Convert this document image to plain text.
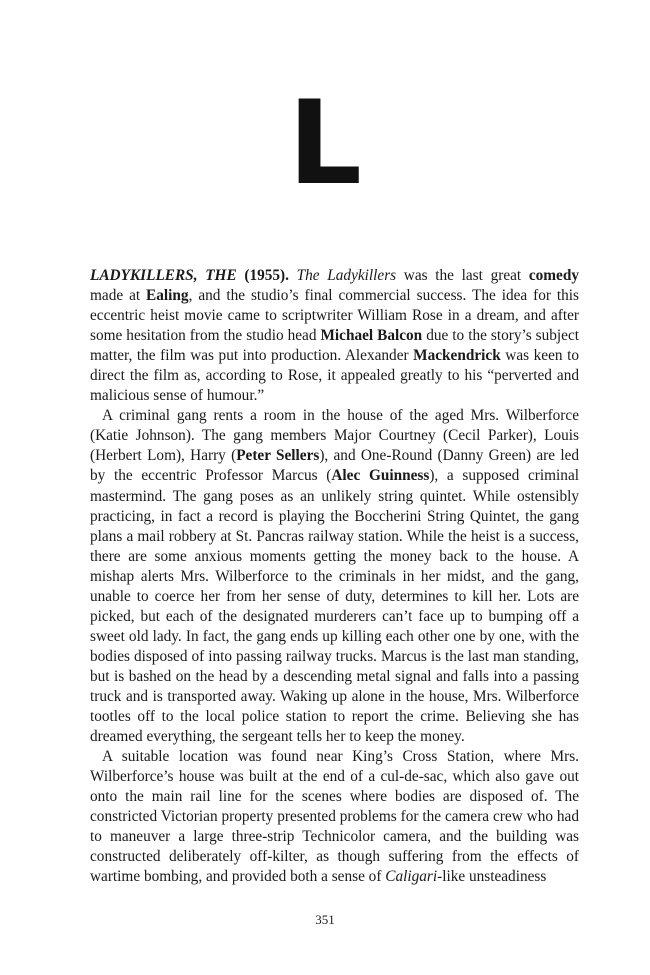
L

LADYKILLERS, THE (1955). The Ladykillers was the last great comedy made at Ealing, and the studio’s final commercial success. The idea for this eccentric heist movie came to scriptwriter William Rose in a dream, and after some hesitation from the studio head Michael Balcon due to the story’s subject matter, the film was put into production. Alexander Mackendrick was keen to direct the film as, according to Rose, it appealed greatly to his “perverted and malicious sense of humour.”

A criminal gang rents a room in the house of the aged Mrs. Wilberforce (Katie Johnson). The gang members Major Courtney (Cecil Parker), Louis (Herbert Lom), Harry (Peter Sellers), and One-Round (Danny Green) are led by the eccentric Professor Marcus (Alec Guinness), a supposed criminal mastermind. The gang poses as an unlikely string quintet. While ostensibly practicing, in fact a record is playing the Boccherini String Quintet, the gang plans a mail robbery at St. Pancras railway station. While the heist is a success, there are some anxious moments getting the money back to the house. A mishap alerts Mrs. Wilberforce to the criminals in her midst, and the gang, unable to coerce her from her sense of duty, determines to kill her. Lots are picked, but each of the designated murderers can’t face up to bumping off a sweet old lady. In fact, the gang ends up killing each other one by one, with the bodies disposed of into passing railway trucks. Marcus is the last man standing, but is bashed on the head by a descending metal signal and falls into a passing truck and is transported away. Waking up alone in the house, Mrs. Wilberforce tootles off to the local police station to report the crime. Believing she has dreamed everything, the sergeant tells her to keep the money.

A suitable location was found near King’s Cross Station, where Mrs. Wilberforce’s house was built at the end of a cul-de-sac, which also gave out onto the main rail line for the scenes where bodies are disposed of. The constricted Victorian property presented problems for the camera crew who had to maneuver a large three-strip Technicolor camera, and the building was constructed deliberately off-kilter, as though suffering from the effects of wartime bombing, and provided both a sense of Caligari-like unsteadiness

351
